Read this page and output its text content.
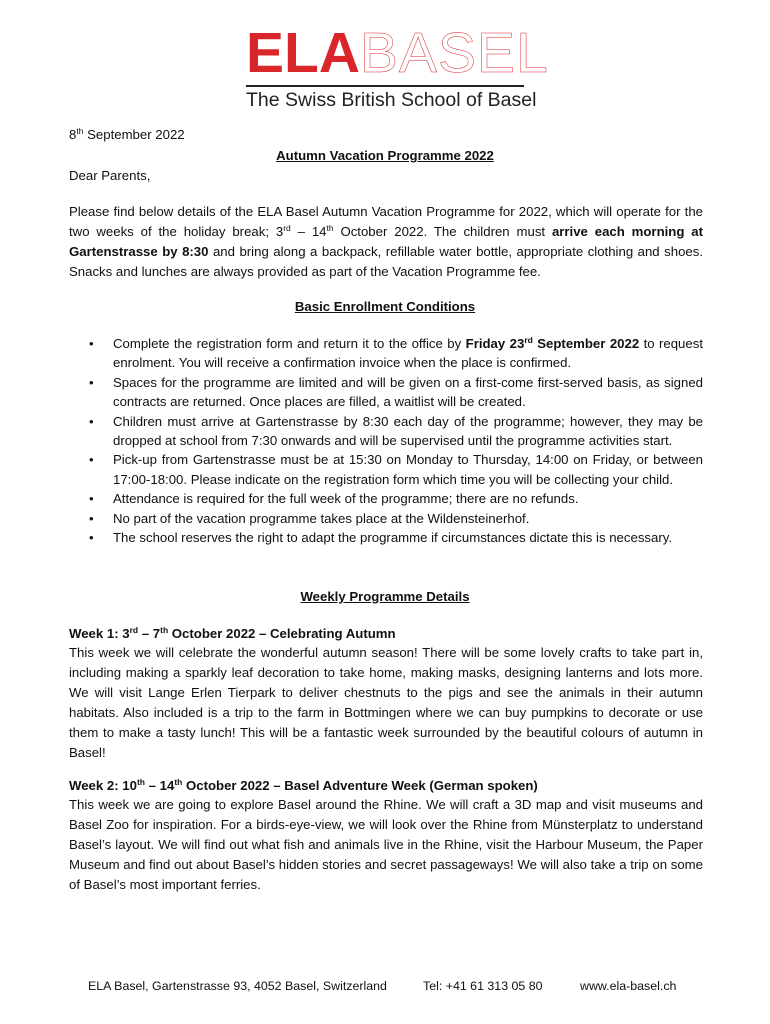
ELA BASEL
The Swiss British School of Basel
8th September 2022
Autumn Vacation Programme 2022
Dear Parents,
Please find below details of the ELA Basel Autumn Vacation Programme for 2022, which will operate for the two weeks of the holiday break; 3rd – 14th October 2022. The children must arrive each morning at Gartenstrasse by 8:30 and bring along a backpack, refillable water bottle, appropriate clothing and shoes. Snacks and lunches are always provided as part of the Vacation Programme fee.
Basic Enrollment Conditions
• Complete the registration form and return it to the office by Friday 23rd September 2022 to request enrolment. You will receive a confirmation invoice when the place is confirmed.
• Spaces for the programme are limited and will be given on a first-come first-served basis, as signed contracts are returned. Once places are filled, a waitlist will be created.
• Children must arrive at Gartenstrasse by 8:30 each day of the programme; however, they may be dropped at school from 7:30 onwards and will be supervised until the programme activities start.
• Pick-up from Gartenstrasse must be at 15:30 on Monday to Thursday, 14:00 on Friday, or between 17:00-18:00. Please indicate on the registration form which time you will be collecting your child.
• Attendance is required for the full week of the programme; there are no refunds.
• No part of the vacation programme takes place at the Wildensteinerhof.
• The school reserves the right to adapt the programme if circumstances dictate this is necessary.
Weekly Programme Details
Week 1: 3rd – 7th October 2022 – Celebrating Autumn
This week we will celebrate the wonderful autumn season! There will be some lovely crafts to take part in, including making a sparkly leaf decoration to take home, making masks, designing lanterns and lots more. We will visit Lange Erlen Tierpark to deliver chestnuts to the pigs and see the animals in their autumn habitats. Also included is a trip to the farm in Bottmingen where we can buy pumpkins to decorate or use them to make a tasty lunch! This will be a fantastic week surrounded by the beautiful colours of autumn in Basel!
Week 2: 10th – 14th October 2022 – Basel Adventure Week (German spoken)
This week we are going to explore Basel around the Rhine. We will craft a 3D map and visit museums and Basel Zoo for inspiration. For a birds-eye-view, we will look over the Rhine from Münsterplatz to understand Basel’s layout. We will find out what fish and animals live in the Rhine, visit the Harbour Museum, the Paper Museum and find out about Basel’s hidden stories and secret passageways! We will also take a trip on some of Basel’s most important ferries.
ELA Basel, Gartenstrasse 93, 4052 Basel, Switzerland	Tel: +41 61 313 05 80	www.ela-basel.ch
